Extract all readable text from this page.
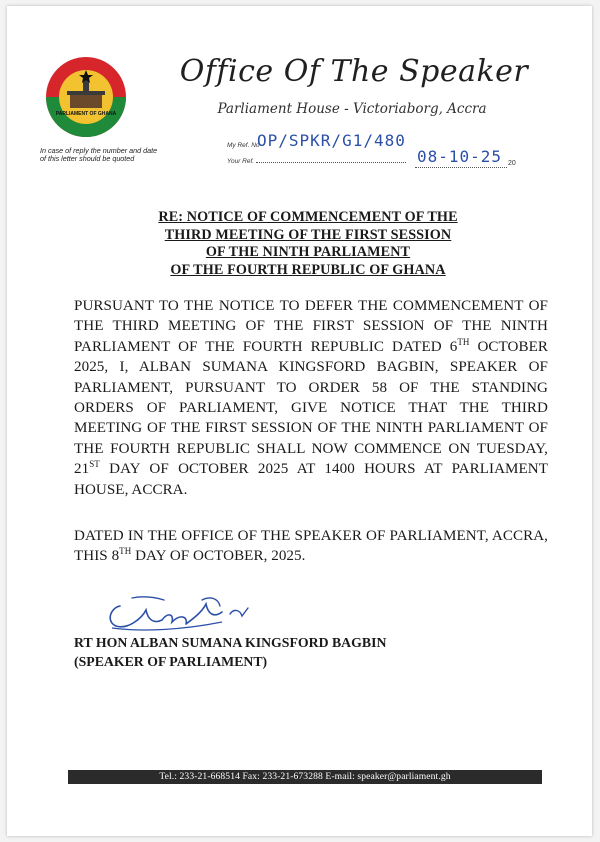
PARLIAMENT OF GHANA
In case of reply the number and date of this letter should be quoted
Office Of The Speaker
Parliament House - Victoriaborg, Accra
My Ref. No
OP/SPKR/G1/480
Your Ref.	08-10-25 20
RE: NOTICE OF COMMENCEMENT OF THE
THIRD MEETING OF THE FIRST SESSION
OF THE NINTH PARLIAMENT
OF THE FOURTH REPUBLIC OF GHANA
PURSUANT TO THE NOTICE TO DEFER THE COMMENCEMENT OF THE THIRD MEETING OF THE FIRST SESSION OF THE NINTH PARLIAMENT OF THE FOURTH REPUBLIC DATED 6TH OCTOBER 2025, I, ALBAN SUMANA KINGSFORD BAGBIN, SPEAKER OF PARLIAMENT, PURSUANT TO ORDER 58 OF THE STANDING ORDERS OF PARLIAMENT, GIVE NOTICE THAT THE THIRD MEETING OF THE FIRST SESSION OF THE NINTH PARLIAMENT OF THE FOURTH REPUBLIC SHALL NOW COMMENCE ON TUESDAY, 21ST DAY OF OCTOBER 2025 AT 1400 HOURS AT PARLIAMENT HOUSE, ACCRA.
DATED IN THE OFFICE OF THE SPEAKER OF PARLIAMENT, ACCRA, THIS 8TH DAY OF OCTOBER, 2025.
RT HON ALBAN SUMANA KINGSFORD BAGBIN
(SPEAKER OF PARLIAMENT)
Tel.: 233-21-668514 Fax: 233-21-673288 E-mail: speaker@parliament.gh
